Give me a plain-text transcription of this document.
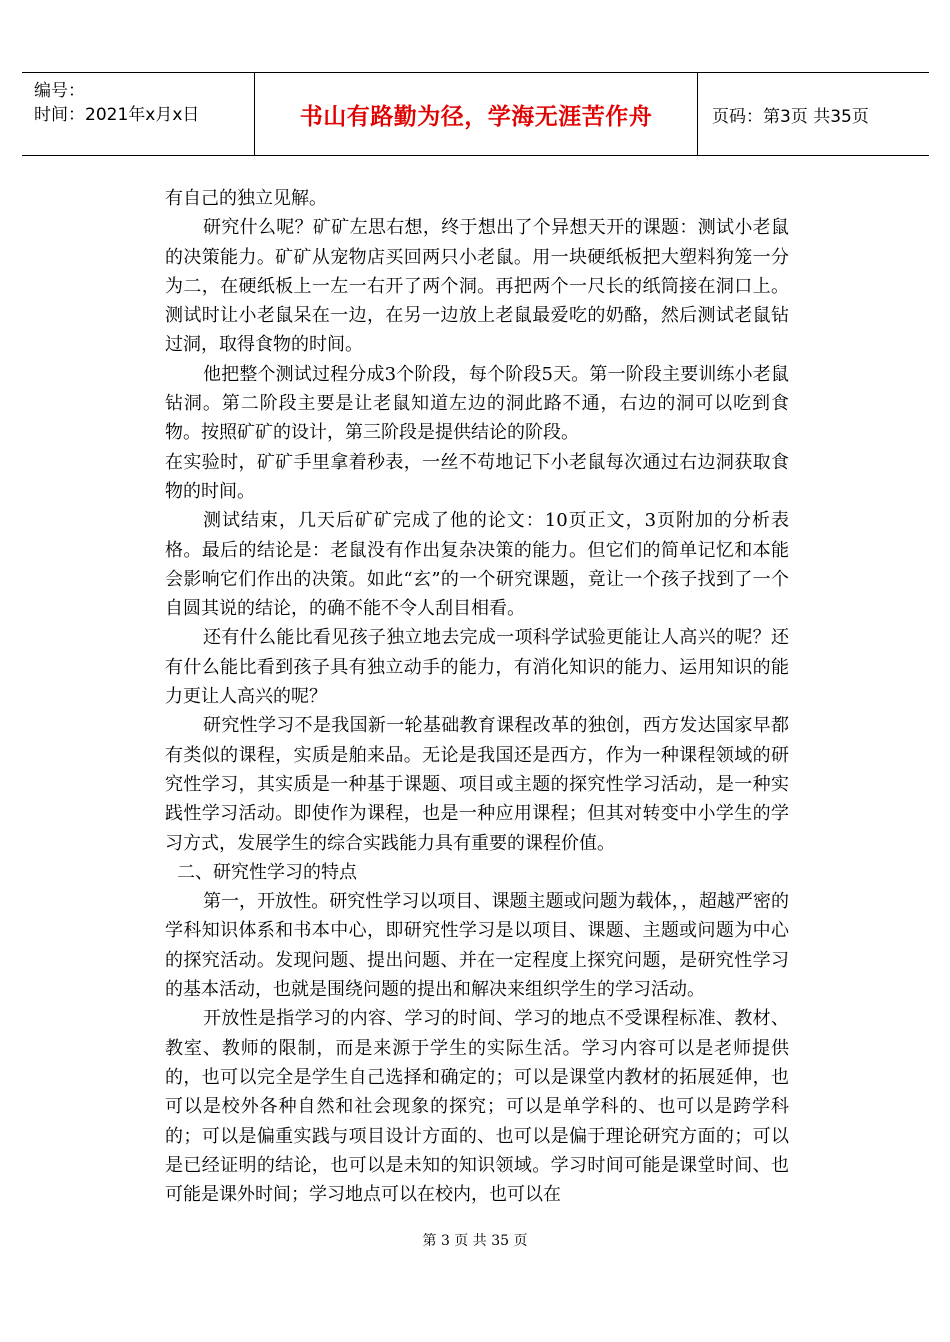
编号：
时间：2021年x月x日	书山有路勤为径，学海无涯苦作舟	页码：第3页 共35页

有自己的独立见解。

研究什么呢？矿矿左思右想，终于想出了个异想天开的课题：测试小老鼠的决策能力。矿矿从宠物店买回两只小老鼠。用一块硬纸板把大塑料狗笼一分为二，在硬纸板上一左一右开了两个洞。再把两个一尺长的纸筒接在洞口上。测试时让小老鼠呆在一边，在另一边放上老鼠最爱吃的奶酪，然后测试老鼠钻过洞，取得食物的时间。

他把整个测试过程分成3个阶段，每个阶段5天。第一阶段主要训练小老鼠钻洞。第二阶段主要是让老鼠知道左边的洞此路不通，右边的洞可以吃到食物。按照矿矿的设计，第三阶段是提供结论的阶段。

在实验时，矿矿手里拿着秒表，一丝不苟地记下小老鼠每次通过右边洞获取食物的时间。

测试结束，几天后矿矿完成了他的论文：10页正文，3页附加的分析表格。最后的结论是：老鼠没有作出复杂决策的能力。但它们的简单记忆和本能会影响它们作出的决策。如此“玄”的一个研究课题，竟让一个孩子找到了一个自圆其说的结论，的确不能不令人刮目相看。

还有什么能比看见孩子独立地去完成一项科学试验更能让人高兴的呢？还有什么能比看到孩子具有独立动手的能力，有消化知识的能力、运用知识的能力更让人高兴的呢？

研究性学习不是我国新一轮基础教育课程改革的独创，西方发达国家早都有类似的课程，实质是舶来品。无论是我国还是西方，作为一种课程领域的研究性学习，其实质是一种基于课题、项目或主题的探究性学习活动，是一种实践性学习活动。即使作为课程，也是一种应用课程；但其对转变中小学生的学习方式，发展学生的综合实践能力具有重要的课程价值。

二、研究性学习的特点

第一，开放性。研究性学习以项目、课题主题或问题为载体，，超越严密的学科知识体系和书本中心，即研究性学习是以项目、课题、主题或问题为中心的探究活动。发现问题、提出问题、并在一定程度上探究问题，是研究性学习的基本活动，也就是围绕问题的提出和解决来组织学生的学习活动。

开放性是指学习的内容、学习的时间、学习的地点不受课程标准、教材、教室、教师的限制，而是来源于学生的实际生活。学习内容可以是老师提供的，也可以完全是学生自己选择和确定的；可以是课堂内教材的拓展延伸，也可以是校外各种自然和社会现象的探究；可以是单学科的、也可以是跨学科的；可以是偏重实践与项目设计方面的、也可以是偏于理论研究方面的；可以是已经证明的结论，也可以是未知的知识领域。学习时间可能是课堂时间、也可能是课外时间；学习地点可以在校内，也可以在

第 3 页 共 35 页
